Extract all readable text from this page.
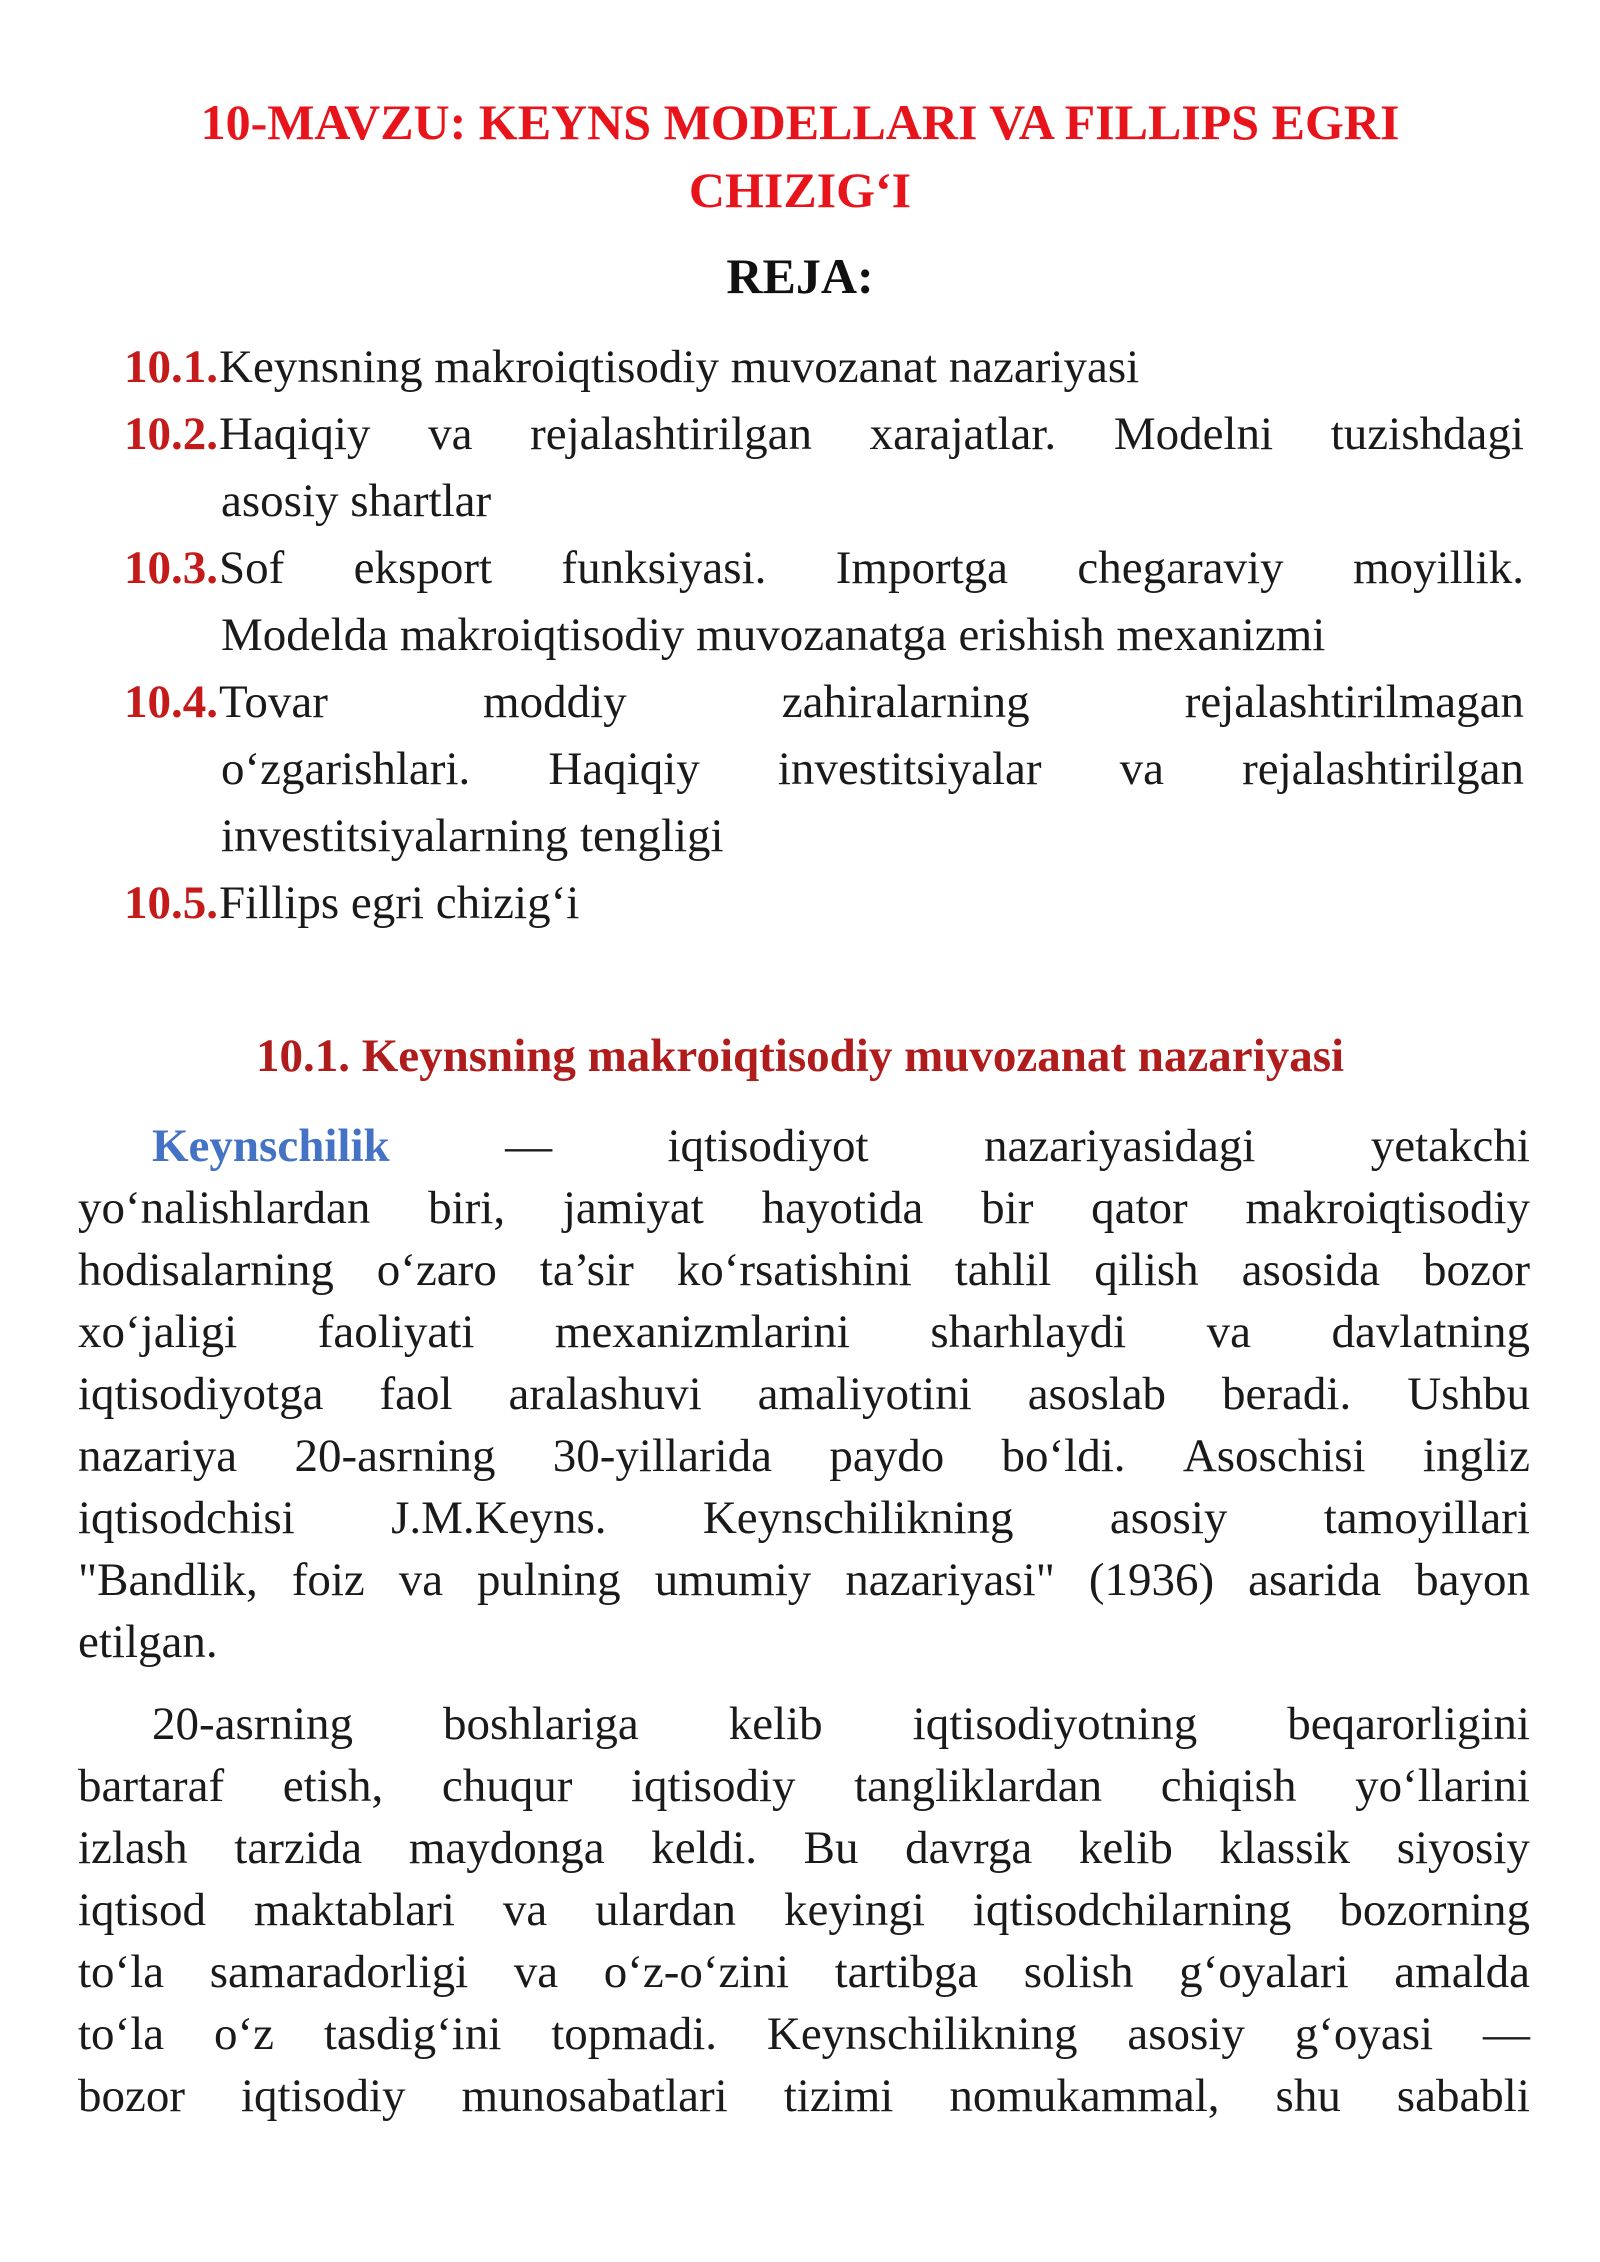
10-MAVZU: KEYNS MODELLARI VA FILLIPS EGRI
CHIZIG‘I
REJA:
10.1. Keynsning makroiqtisodiy muvozanat nazariyasi
10.2. Haqiqiy va rejalashtirilgan xarajatlar. Modelni tuzishdagi
asosiy shartlar
10.3. Sof eksport funksiyasi. Importga chegaraviy moyillik.
Modelda makroiqtisodiy muvozanatga erishish mexanizmi
10.4. Tovar	moddiy	zahiralarning	rejalashtirilmagan
o‘zgarishlari. Haqiqiy investitsiyalar va rejalashtirilgan
investitsiyalarning tengligi
10.5. Fillips egri chizig‘i
10.1. Keynsning makroiqtisodiy muvozanat nazariyasi
Keynschilik — iqtisodiyot nazariyasidagi yetakchi
yo‘nalishlardan biri, jamiyat hayotida bir qator makroiqtisodiy
hodisalarning o‘zaro ta’sir ko‘rsatishini tahlil qilish asosida bozor
xo‘jaligi faoliyati mexanizmlarini sharhlaydi va davlatning
iqtisodiyotga faol aralashuvi amaliyotini asoslab beradi. Ushbu
nazariya 20-asrning 30-yillarida paydo bo‘ldi. Asoschisi ingliz
iqtisodchisi J.M.Keyns. Keynschilikning asosiy tamoyillari
"Bandlik, foiz va pulning umumiy nazariyasi" (1936) asarida bayon
etilgan.
20-asrning boshlariga kelib iqtisodiyotning beqarorligini
bartaraf etish, chuqur iqtisodiy tangliklardan chiqish yo‘llarini
izlash tarzida maydonga keldi. Bu davrga kelib klassik siyosiy
iqtisod maktablari va ulardan keyingi iqtisodchilarning bozorning
to‘la samaradorligi va o‘z-o‘zini tartibga solish g‘oyalari amalda
to‘la o‘z tasdig‘ini topmadi. Keynschilikning asosiy g‘oyasi —
bozor iqtisodiy munosabatlari tizimi nomukammal, shu sababli
